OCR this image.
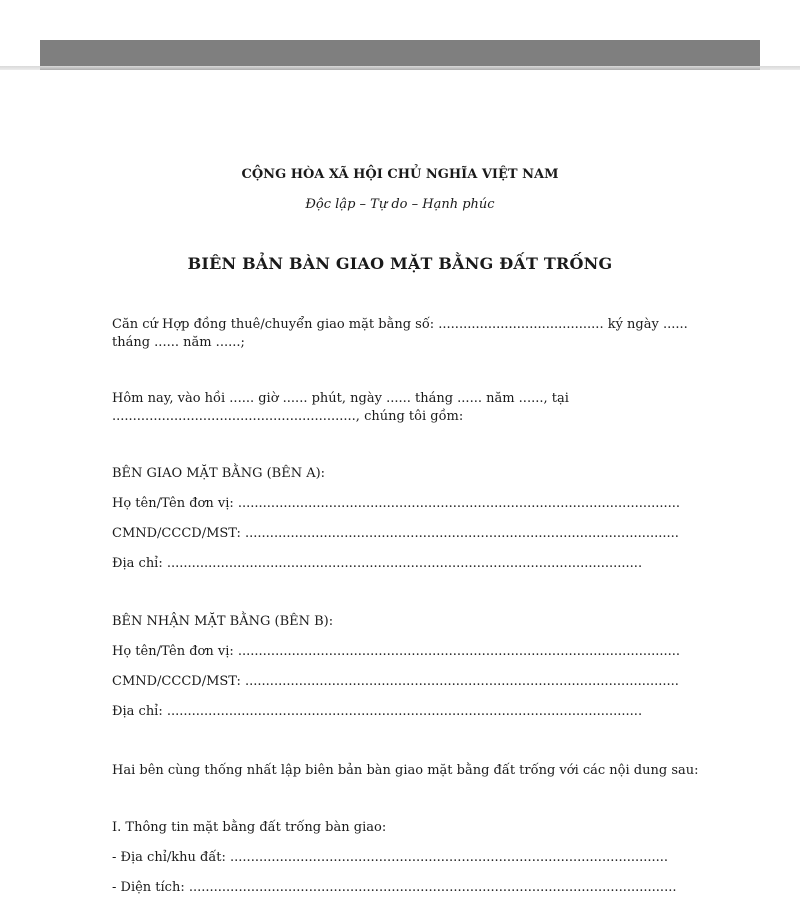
CỘNG HÒA XÃ HỘI CHỦ NGHĨA VIỆT NAM
Độc lập – Tự do – Hạnh phúc
BIÊN BẢN BÀN GIAO MẶT BẰNG ĐẤT TRỐNG
Căn cứ Hợp đồng thuê/chuyển giao mặt bằng số: ........................................ ký ngày ...... tháng ...... năm ......;
Hôm nay, vào hồi ...... giờ ...... phút, ngày ...... tháng ...... năm ......, tại ..........................................................., chúng tôi gồm:
BÊN GIAO MẶT BẰNG (BÊN A):
Họ tên/Tên đơn vị: ...........................................................................................................
CMND/CCCD/MST: .........................................................................................................
Địa chỉ: ...................................................................................................................
BÊN NHẬN MẶT BẰNG (BÊN B):
Họ tên/Tên đơn vị: ...........................................................................................................
CMND/CCCD/MST: .........................................................................................................
Địa chỉ: ...................................................................................................................
Hai bên cùng thống nhất lập biên bản bàn giao mặt bằng đất trống với các nội dung sau:
I. Thông tin mặt bằng đất trống bàn giao:
- Địa chỉ/khu đất: ..........................................................................................................
- Diện tích: ......................................................................................................................
